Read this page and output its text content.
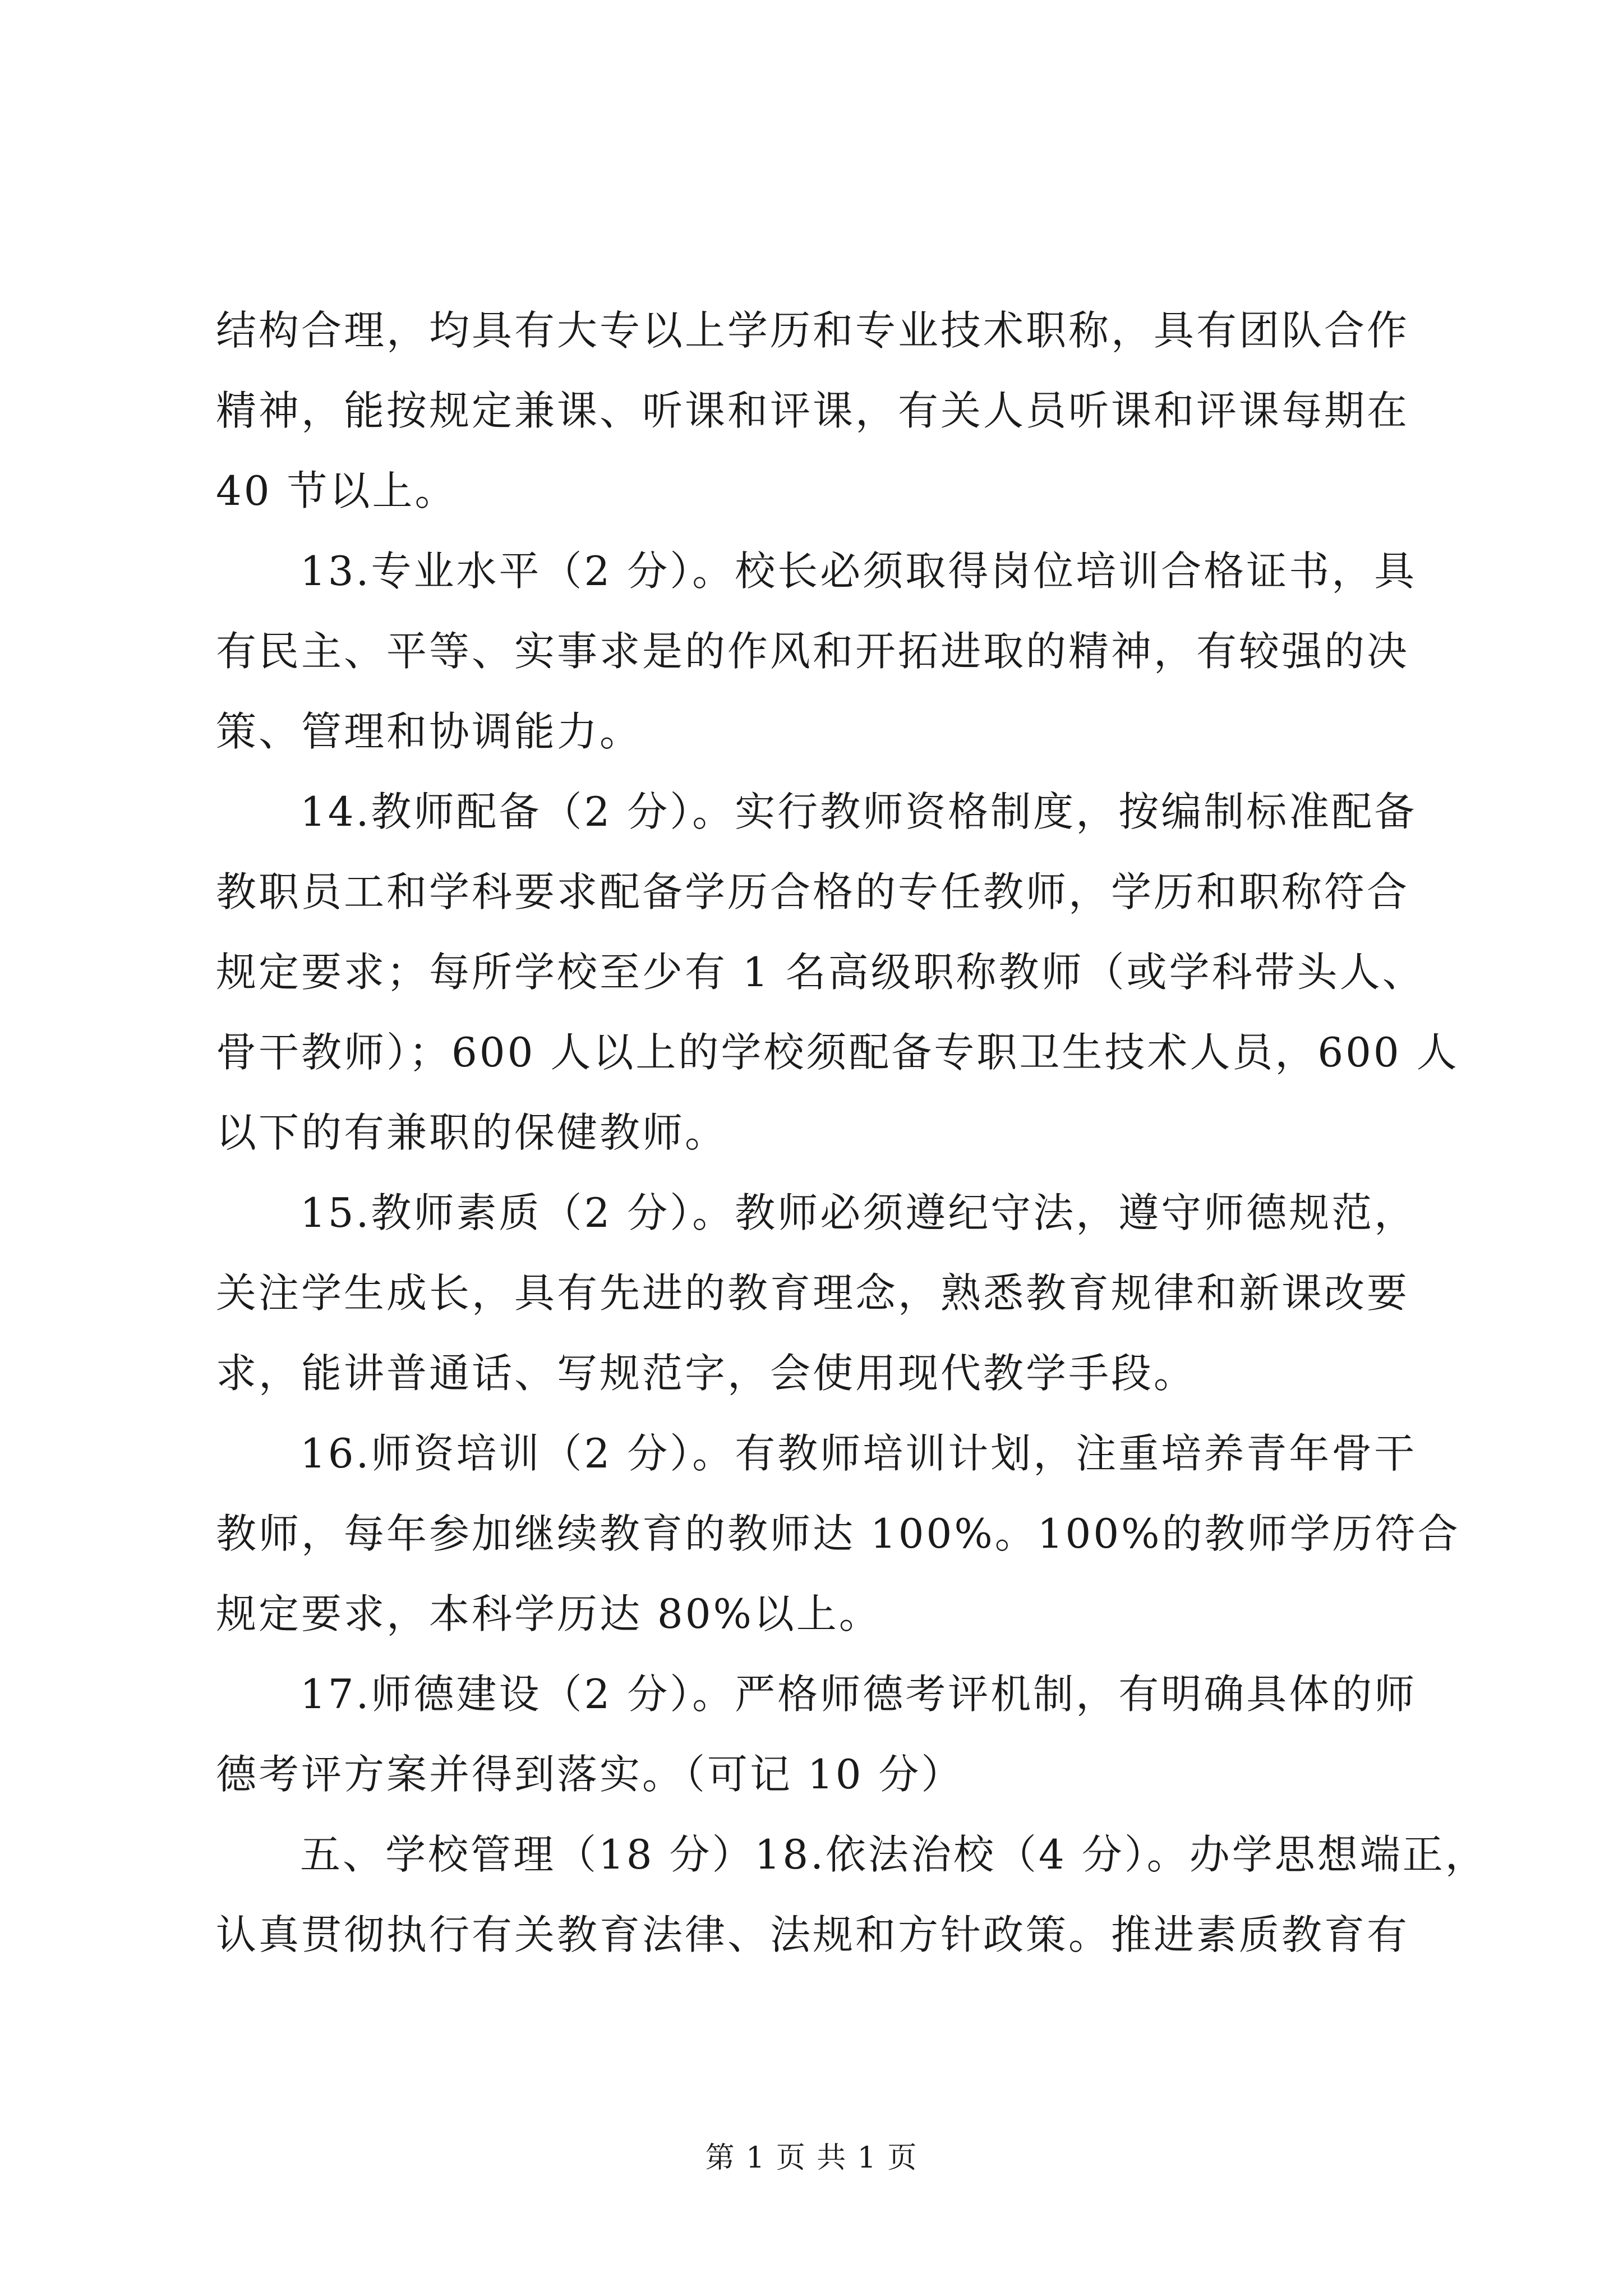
结构合理，均具有大专以上学历和专业技术职称，具有团队合作
精神，能按规定兼课、听课和评课，有关人员听课和评课每期在
40 节以上。

13.专业水平（2 分）。校长必须取得岗位培训合格证书，具
有民主、平等、实事求是的作风和开拓进取的精神，有较强的决
策、管理和协调能力。

14.教师配备（2 分）。实行教师资格制度，按编制标准配备
教职员工和学科要求配备学历合格的专任教师，学历和职称符合
规定要求；每所学校至少有 1 名高级职称教师（或学科带头人、
骨干教师）；600 人以上的学校须配备专职卫生技术人员，600 人
以下的有兼职的保健教师。

15.教师素质（2 分）。教师必须遵纪守法，遵守师德规范，
关注学生成长，具有先进的教育理念，熟悉教育规律和新课改要
求，能讲普通话、写规范字，会使用现代教学手段。

16.师资培训（2 分）。有教师培训计划，注重培养青年骨干
教师，每年参加继续教育的教师达 100%。100%的教师学历符合
规定要求，本科学历达 80%以上。

17.师德建设（2 分）。严格师德考评机制，有明确具体的师
德考评方案并得到落实。（可记 10 分）

五、学校管理（18 分）18.依法治校（4 分）。办学思想端正，
认真贯彻执行有关教育法律、法规和方针政策。推进素质教育有

第 1 页 共 1 页
